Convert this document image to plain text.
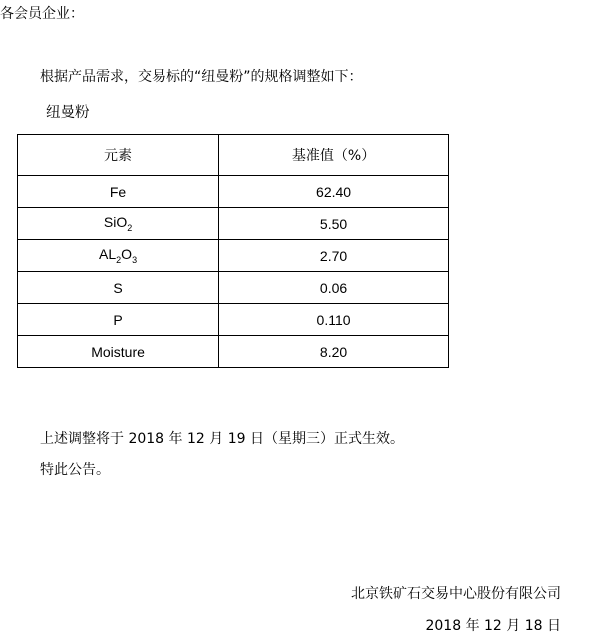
各会员企业：
根据产品需求，交易标的“纽曼粉”的规格调整如下：
纽曼粉
元素	基准值（%）
Fe	62.40
SiO$_2$	5.50
$AL_2O_3$	2.70
S	0.06
P	0.110
Moisture	8.20
上述调整将于 2018 年 12 月 19 日（星期三）正式生效。
特此公告。
北京铁矿石交易中心股份有限公司
2018 年 12 月 18 日
